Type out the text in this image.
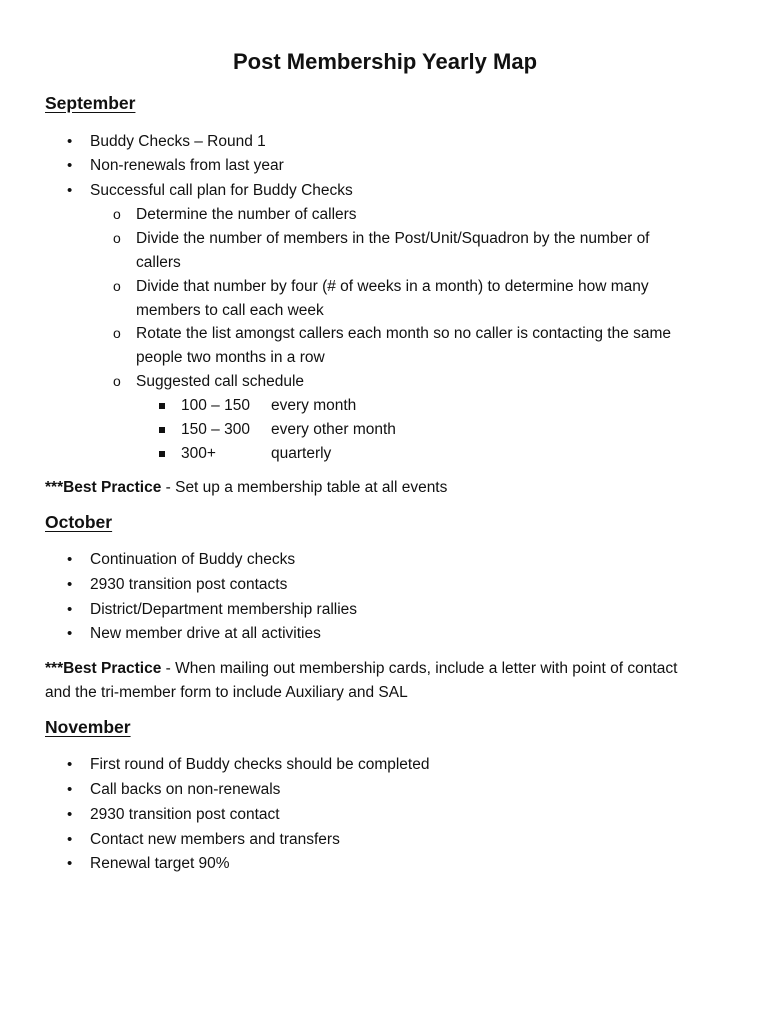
Post Membership Yearly Map
September

• Buddy Checks – Round 1

• Non-renewals from last year

• Successful call plan for Buddy Checks

o Determine the number of callers

o Divide the number of members in the Post/Unit/Squadron by the number of

callers

o Divide that number by four (# of weeks in a month) to determine how many

members to call each week

o Rotate the list amongst callers each month so no caller is contacting the same

people two months in a row

o Suggested call schedule

100 – 150 every month

150 – 300 every other month

300+	quarterly

***Best Practice - Set up a membership table at all events

October

• Continuation of Buddy checks

• 2930 transition post contacts

• District/Department membership rallies

• New member drive at all activities

***Best Practice - When mailing out membership cards, include a letter with point of contact

and the tri-member form to include Auxiliary and SAL

November

• First round of Buddy checks should be completed

• Call backs on non-renewals

• 2930 transition post contact

• Contact new members and transfers

• Renewal target 90%
